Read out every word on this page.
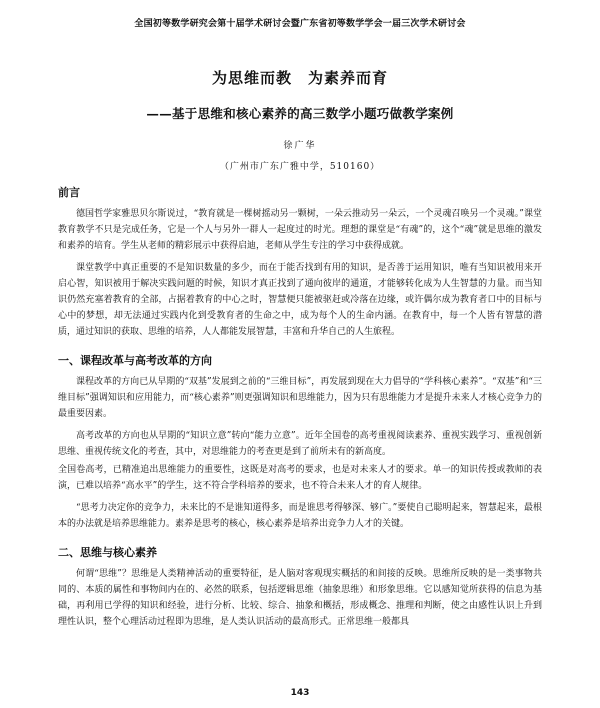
全国初等数学研究会第十届学术研讨会暨广东省初等数学学会一届三次学术研讨会
为思维而教　为素养而育
——基于思维和核心素养的高三数学小题巧做教学案例
徐广华
（广州市广东广雅中学，510160）
前言

德国哲学家雅思贝尔斯说过，“教育就是一棵树摇动另一颗树，一朵云推动另一朵云，一个灵魂召唤另一个灵魂。”课堂教育教学不只是完成任务，它是一个人与另外一群人一起度过的时光。理想的课堂是“有魂”的，这个“魂”就是思维的激发和素养的培育。学生从老师的精彩展示中获得启迪，老师从学生专注的学习中获得成就。

课堂教学中真正重要的不是知识数量的多少，而在于能否找到有用的知识，是否善于运用知识，唯有当知识被用来开启心智，知识被用于解决实践问题的时候，知识才真正找到了通向彼岸的通道，才能够转化成为人生智慧的力量。而当知识仍然充塞着教育的全部，占据着教育的中心之时，智慧便只能被驱赶或冷落在边缘，或许偶尔成为教育者口中的目标与心中的梦想，却无法通过实践内化到受教育者的生命之中，成为每个人的生命内涵。在教育中，每一个人皆有智慧的潜质，通过知识的获取、思维的培养，人人都能发展智慧，丰富和升华自己的人生旅程。

一、课程改革与高考改革的方向

课程改革的方向已从早期的“双基”发展到之前的“三维目标”，再发展到现在大力倡导的“学科核心素养”。“双基”和“三维目标”强调知识和应用能力，而“核心素养”则更强调知识和思维能力，因为只有思维能力才是提升未来人才核心竞争力的最重要因素。

高考改革的方向也从早期的“知识立意”转向“能力立意”。近年全国卷的高考重视阅读素养、重视实践学习、重视创新思维、重视传统文化的考查，其中，对思维能力的考查更是到了前所未有的新高度。

全国卷高考，已精准追出思维能力的重要性，这既是对高考的要求，也是对未来人才的要求。单一的知识传授或教师的表演，已难以培养“高水平”的学生，这不符合学科培养的要求，也不符合未来人才的育人规律。

“思考力决定你的竞争力，未来比的不是谁知道得多，而是谁思考得够深、够广。”要使自己聪明起来，智慧起来，最根本的办法就是培养思维能力。素养是思考的核心，核心素养是培养出竞争力人才的关键。

二、思维与核心素养

何谓“思维”？思维是人类精神活动的重要特征，是人脑对客观现实概括的和间接的反映。思维所反映的是一类事物共同的、本质的属性和事物间内在的、必然的联系，包括逻辑思维（抽象思维）和形象思维。它以感知觉所获得的信息为基础，再利用已学得的知识和经验，进行分析、比较、综合、抽象和概括，形成概念、推理和判断，使之由感性认识上升到理性认识，整个心理活动过程即为思维，是人类认识活动的最高形式。正常思维一般都具

143
